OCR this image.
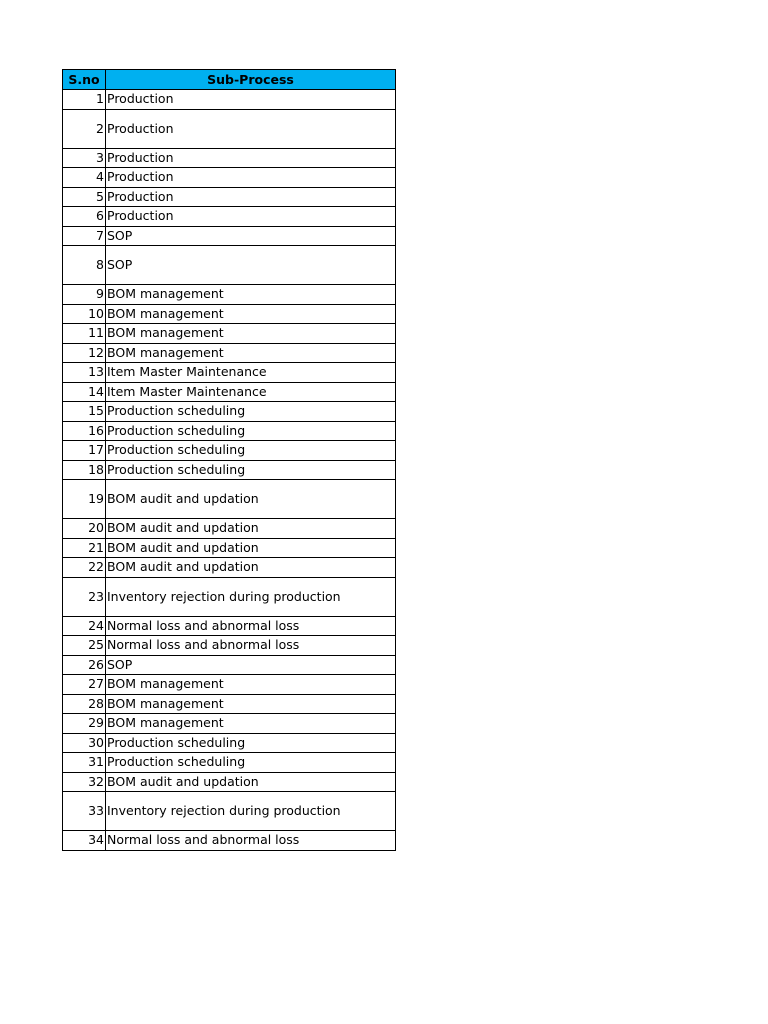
S.no	Sub-Process
1	Production
2	Production
3	Production
4	Production
5	Production
6	Production
7	SOP
8	SOP
9	BOM management
10	BOM management
11	BOM management
12	BOM management
13	Item Master Maintenance
14	Item Master Maintenance
15	Production scheduling
16	Production scheduling
17	Production scheduling
18	Production scheduling
19	BOM audit and updation
20	BOM audit and updation
21	BOM audit and updation
22	BOM audit and updation
23	Inventory rejection during production
24	Normal loss and abnormal loss
25	Normal loss and abnormal loss
26	SOP
27	BOM management
28	BOM management
29	BOM management
30	Production scheduling
31	Production scheduling
32	BOM audit and updation
33	Inventory rejection during production
34	Normal loss and abnormal loss
